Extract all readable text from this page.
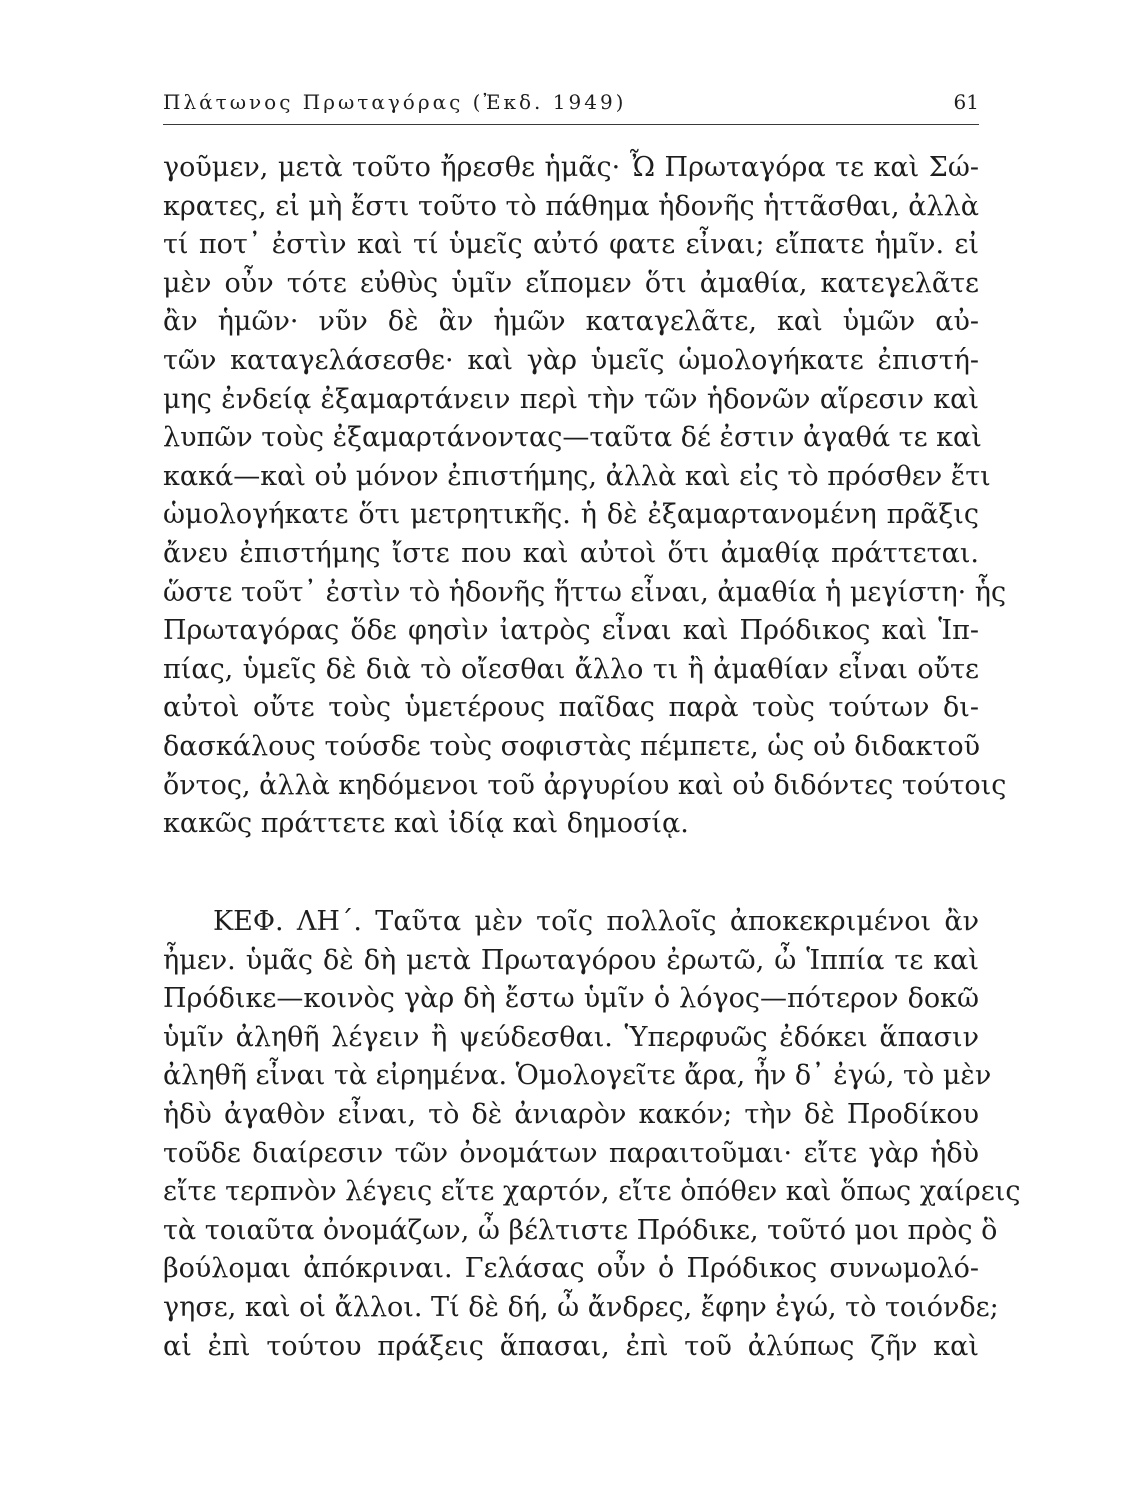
Πλάτωνος Πρωταγόρας (Ἐκδ. 1949)	61
γοῦμεν, μετὰ τοῦτο ἤρεσθε ἡμᾶς· Ὦ Πρωταγόρα τε καὶ Σώ-
κρατες, εἰ μὴ ἔστι τοῦτο τὸ πάθημα ἡδονῆς ἡττᾶσθαι, ἀλλὰ
τί ποτ᾽ ἐστὶν καὶ τί ὑμεῖς αὐτό φατε εἶναι; εἴπατε ἡμῖν. εἰ
μὲν οὖν τότε εὐθὺς ὑμῖν εἴπομεν ὅτι ἀμαθία, κατεγελᾶτε
ἂν ἡμῶν· νῦν δὲ ἂν ἡμῶν καταγελᾶτε, καὶ ὑμῶν αὐ-
τῶν καταγελάσεσθε· καὶ γὰρ ὑμεῖς ὡμολογήκατε ἐπιστή-
μης ἐνδείᾳ ἐξαμαρτάνειν περὶ τὴν τῶν ἡδονῶν αἵρεσιν καὶ
λυπῶν τοὺς ἐξαμαρτάνοντας—ταῦτα δέ ἐστιν ἀγαθά τε καὶ
κακά—καὶ οὐ μόνον ἐπιστήμης, ἀλλὰ καὶ εἰς τὸ πρόσθεν ἔτι
ὡμολογήκατε ὅτι μετρητικῆς. ἡ δὲ ἐξαμαρτανομένη πρᾶξις
ἄνευ ἐπιστήμης ἴστε που καὶ αὐτοὶ ὅτι ἀμαθίᾳ πράττεται.
ὥστε τοῦτ᾽ ἐστὶν τὸ ἡδονῆς ἥττω εἶναι, ἀμαθία ἡ μεγίστη· ἧς
Πρωταγόρας ὅδε φησὶν ἰατρὸς εἶναι καὶ Πρόδικος καὶ Ἱπ-
πίας, ὑμεῖς δὲ διὰ τὸ οἴεσθαι ἄλλο τι ἢ ἀμαθίαν εἶναι οὔτε
αὐτοὶ οὔτε τοὺς ὑμετέρους παῖδας παρὰ τοὺς τούτων δι-
δασκάλους τούσδε τοὺς σοφιστὰς πέμπετε, ὡς οὐ διδακτοῦ
ὄντος, ἀλλὰ κηδόμενοι τοῦ ἀργυρίου καὶ οὐ διδόντες τούτοις
κακῶς πράττετε καὶ ἰδίᾳ καὶ δημοσίᾳ.
ΚΕΦ. ΛΗ΄. Ταῦτα μὲν τοῖς πολλοῖς ἀποκεκριμένοι ἂν
ἦμεν. ὑμᾶς δὲ δὴ μετὰ Πρωταγόρου ἐρωτῶ, ὦ Ἱππία τε καὶ
Πρόδικε—κοινὸς γὰρ δὴ ἔστω ὑμῖν ὁ λόγος—πότερον δοκῶ
ὑμῖν ἀληθῆ λέγειν ἢ ψεύδεσθαι. Ὑπερφυῶς ἐδόκει ἅπασιν
ἀληθῆ εἶναι τὰ εἰρημένα. Ὁμολογεῖτε ἄρα, ἦν δ᾽ ἐγώ, τὸ μὲν
ἡδὺ ἀγαθὸν εἶναι, τὸ δὲ ἀνιαρὸν κακόν; τὴν δὲ Προδίκου
τοῦδε διαίρεσιν τῶν ὀνομάτων παραιτοῦμαι· εἴτε γὰρ ἡδὺ
εἴτε τερπνὸν λέγεις εἴτε χαρτόν, εἴτε ὁπόθεν καὶ ὅπως χαίρεις
τὰ τοιαῦτα ὀνομάζων, ὦ βέλτιστε Πρόδικε, τοῦτό μοι πρὸς ὃ
βούλομαι ἀπόκριναι. Γελάσας οὖν ὁ Πρόδικος συνωμολό-
γησε, καὶ οἱ ἄλλοι. Τί δὲ δή, ὦ ἄνδρες, ἔφην ἐγώ, τὸ τοιόνδε;
αἱ ἐπὶ τούτου πράξεις ἅπασαι, ἐπὶ τοῦ ἀλύπως ζῆν καὶ
